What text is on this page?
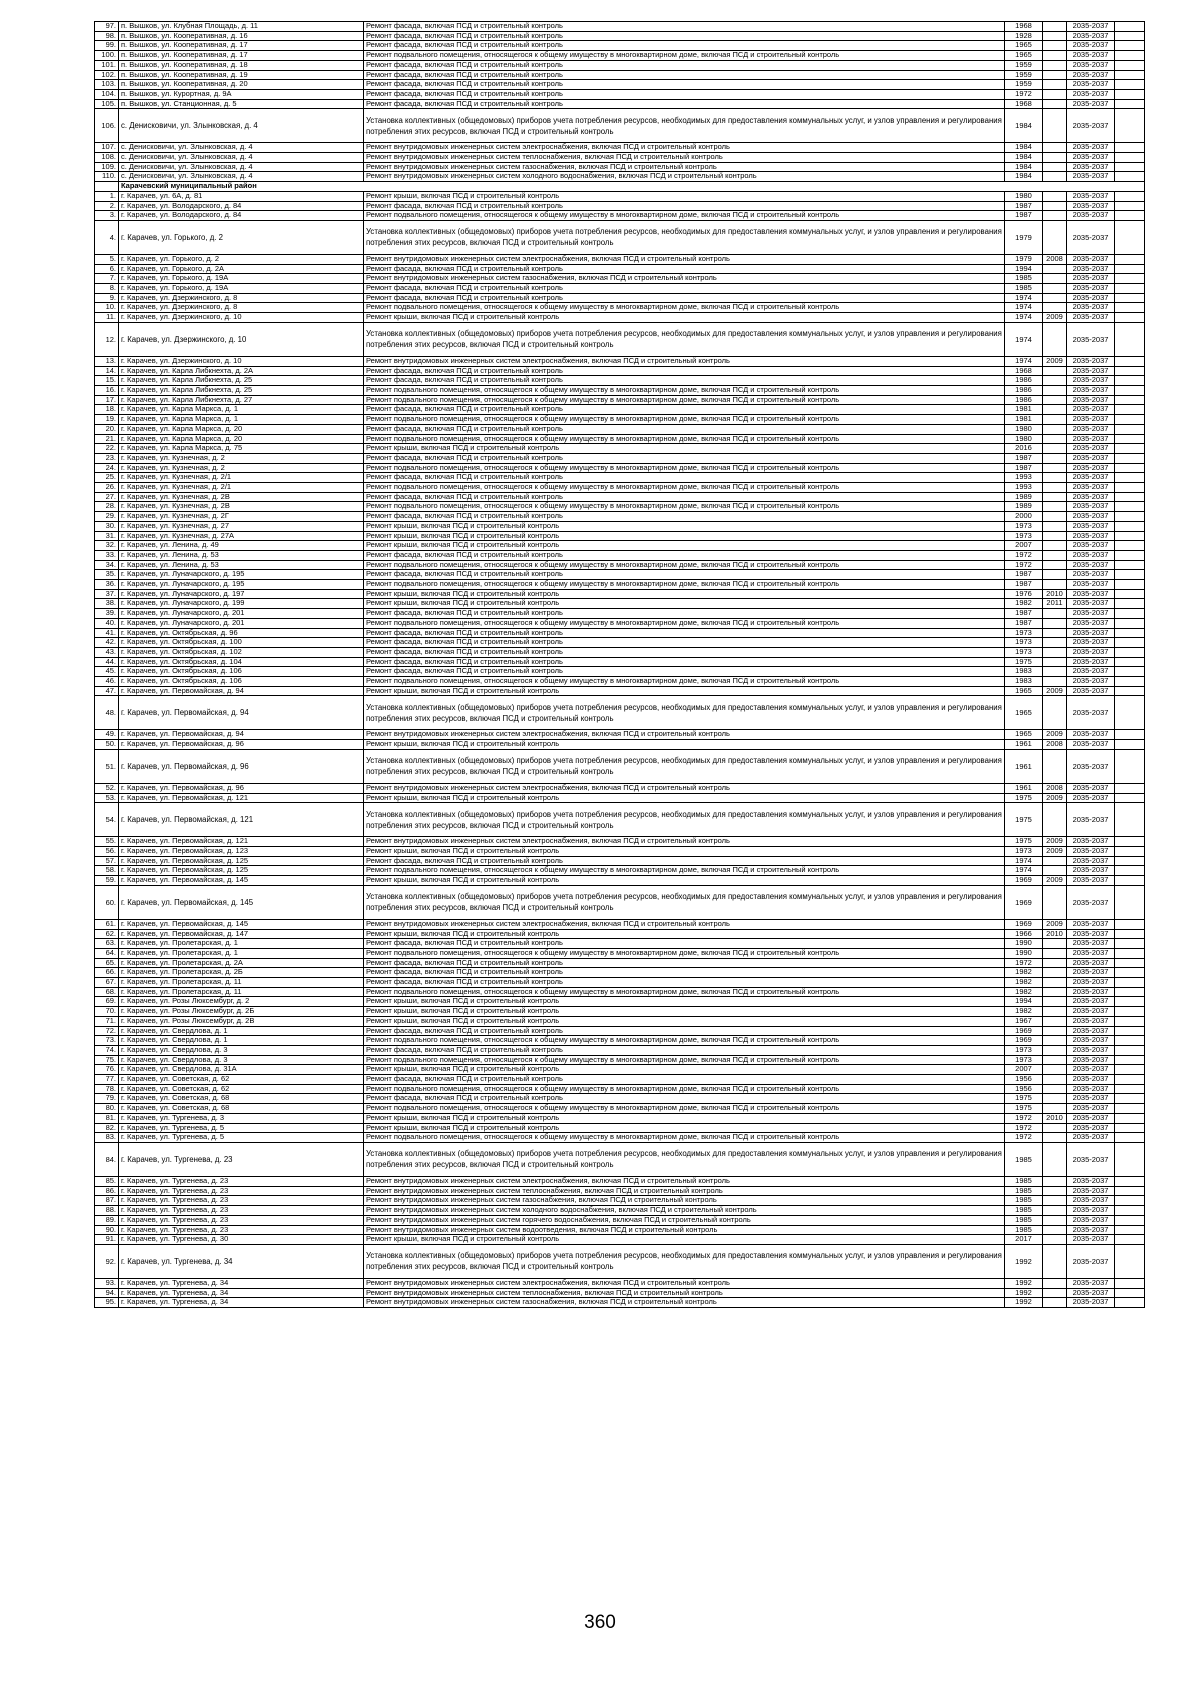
97.	п. Вышков, ул. Клубная Площадь, д. 11	Ремонт фасада, включая ПСД и строительный контроль	1968		2035-2037	
98.	п. Вышков, ул. Кооперативная, д. 16	Ремонт фасада, включая ПСД и строительный контроль	1928		2035-2037	
99.	п. Вышков, ул. Кооперативная, д. 17	Ремонт фасада, включая ПСД и строительный контроль	1965		2035-2037	
100.	п. Вышков, ул. Кооперативная, д. 17	Ремонт подвального помещения, относящегося к общему имуществу в многоквартирном доме, включая ПСД и строительный контроль	1965		2035-2037	
101.	п. Вышков, ул. Кооперативная, д. 18	Ремонт фасада, включая ПСД и строительный контроль	1959		2035-2037	
102.	п. Вышков, ул. Кооперативная, д. 19	Ремонт фасада, включая ПСД и строительный контроль	1959		2035-2037	
103.	п. Вышков, ул. Кооперативная, д. 20	Ремонт фасада, включая ПСД и строительный контроль	1959		2035-2037	
104.	п. Вышков, ул. Курортная, д. 9А	Ремонт фасада, включая ПСД и строительный контроль	1972		2035-2037	
105.	п. Вышков, ул. Станционная, д. 5	Ремонт фасада, включая ПСД и строительный контроль	1968		2035-2037	
106.	с. Денисковичи, ул. Злынковская, д. 4	Установка коллективных (общедомовых) приборов учета потребления ресурсов, необходимых для предоставления коммунальных услуг, и узлов управления и регулирования потребления этих ресурсов, включая ПСД и строительный контроль	1984		2035-2037	
107.	с. Денисковичи, ул. Злынковская, д. 4	Ремонт внутридомовых инженерных систем электроснабжения, включая ПСД и строительный контроль	1984		2035-2037	
108.	с. Денисковичи, ул. Злынковская, д. 4	Ремонт внутридомовых инженерных систем теплоснабжения, включая ПСД и строительный контроль	1984		2035-2037	
109.	с. Денисковичи, ул. Злынковская, д. 4	Ремонт внутридомовых инженерных систем газоснабжения, включая ПСД и строительный контроль	1984		2035-2037	
110.	с. Денисковичи, ул. Злынковская, д. 4	Ремонт внутридомовых инженерных систем холодного водоснабжения, включая ПСД и строительный контроль	1984		2035-2037	
	Карачевский муниципальный район					
1.	г. Карачев, ул. 6А, д. 81	Ремонт крыши, включая ПСД и строительный контроль	1980		2035-2037	
2.	г. Карачев, ул. Володарского, д. 84	Ремонт фасада, включая ПСД и строительный контроль	1987		2035-2037	
3.	г. Карачев, ул. Володарского, д. 84	Ремонт подвального помещения, относящегося к общему имуществу в многоквартирном доме, включая ПСД и строительный контроль	1987		2035-2037	
4.	г. Карачев, ул. Горького, д. 2	Установка коллективных (общедомовых) приборов учета потребления ресурсов, необходимых для предоставления коммунальных услуг, и узлов управления и регулирования потребления этих ресурсов, включая ПСД и строительный контроль	1979		2035-2037	
5.	г. Карачев, ул. Горького, д. 2	Ремонт внутридомовых инженерных систем электроснабжения, включая ПСД и строительный контроль	1979	2008	2035-2037	
6.	г. Карачев, ул. Горького, д. 2А	Ремонт фасада, включая ПСД и строительный контроль	1994		2035-2037	
7.	г. Карачев, ул. Горького, д. 19А	Ремонт внутридомовых инженерных систем газоснабжения, включая ПСД и строительный контроль	1985		2035-2037	
8.	г. Карачев, ул. Горького, д. 19А	Ремонт фасада, включая ПСД и строительный контроль	1985		2035-2037	
9.	г. Карачев, ул. Дзержинского, д. 8	Ремонт фасада, включая ПСД и строительный контроль	1974		2035-2037	
10.	г. Карачев, ул. Дзержинского, д. 8	Ремонт подвального помещения, относящегося к общему имуществу в многоквартирном доме, включая ПСД и строительный контроль	1974		2035-2037	
11.	г. Карачев, ул. Дзержинского, д. 10	Ремонт крыши, включая ПСД и строительный контроль	1974	2009	2035-2037	
12.	г. Карачев, ул. Дзержинского, д. 10	Установка коллективных (общедомовых) приборов учета потребления ресурсов, необходимых для предоставления коммунальных услуг, и узлов управления и регулирования потребления этих ресурсов, включая ПСД и строительный контроль	1974		2035-2037	
13.	г. Карачев, ул. Дзержинского, д. 10	Ремонт внутридомовых инженерных систем электроснабжения, включая ПСД и строительный контроль	1974	2009	2035-2037	
14.	г. Карачев, ул. Карла Либкнехта, д. 2А	Ремонт фасада, включая ПСД и строительный контроль	1968		2035-2037	
15.	г. Карачев, ул. Карла Либкнехта, д. 25	Ремонт фасада, включая ПСД и строительный контроль	1986		2035-2037	
16.	г. Карачев, ул. Карла Либкнехта, д. 25	Ремонт подвального помещения, относящегося к общему имуществу в многоквартирном доме, включая ПСД и строительный контроль	1986		2035-2037	
17.	г. Карачев, ул. Карла Либкнехта, д. 27	Ремонт подвального помещения, относящегося к общему имуществу в многоквартирном доме, включая ПСД и строительный контроль	1986		2035-2037	
18.	г. Карачев, ул. Карла Маркса, д. 1	Ремонт фасада, включая ПСД и строительный контроль	1981		2035-2037	
19.	г. Карачев, ул. Карла Маркса, д. 1	Ремонт подвального помещения, относящегося к общему имуществу в многоквартирном доме, включая ПСД и строительный контроль	1981		2035-2037	
20.	г. Карачев, ул. Карла Маркса, д. 20	Ремонт фасада, включая ПСД и строительный контроль	1980		2035-2037	
21.	г. Карачев, ул. Карла Маркса, д. 20	Ремонт подвального помещения, относящегося к общему имуществу в многоквартирном доме, включая ПСД и строительный контроль	1980		2035-2037	
22.	г. Карачев, ул. Карла Маркса, д. 75	Ремонт крыши, включая ПСД и строительный контроль	2016		2035-2037	
23.	г. Карачев, ул. Кузнечная, д. 2	Ремонт фасада, включая ПСД и строительный контроль	1987		2035-2037	
24.	г. Карачев, ул. Кузнечная, д. 2	Ремонт подвального помещения, относящегося к общему имуществу в многоквартирном доме, включая ПСД и строительный контроль	1987		2035-2037	
25.	г. Карачев, ул. Кузнечная, д. 2/1	Ремонт фасада, включая ПСД и строительный контроль	1993		2035-2037	
26.	г. Карачев, ул. Кузнечная, д. 2/1	Ремонт подвального помещения, относящегося к общему имуществу в многоквартирном доме, включая ПСД и строительный контроль	1993		2035-2037	
27.	г. Карачев, ул. Кузнечная, д. 2В	Ремонт фасада, включая ПСД и строительный контроль	1989		2035-2037	
28.	г. Карачев, ул. Кузнечная, д. 2В	Ремонт подвального помещения, относящегося к общему имуществу в многоквартирном доме, включая ПСД и строительный контроль	1989		2035-2037	
29.	г. Карачев, ул. Кузнечная, д. 2Г	Ремонт фасада, включая ПСД и строительный контроль	2000		2035-2037	
30.	г. Карачев, ул. Кузнечная, д. 27	Ремонт крыши, включая ПСД и строительный контроль	1973		2035-2037	
31.	г. Карачев, ул. Кузнечная, д. 27А	Ремонт крыши, включая ПСД и строительный контроль	1973		2035-2037	
32.	г. Карачев, ул. Ленина, д. 49	Ремонт крыши, включая ПСД и строительный контроль	2007		2035-2037	
33.	г. Карачев, ул. Ленина, д. 53	Ремонт фасада, включая ПСД и строительный контроль	1972		2035-2037	
34.	г. Карачев, ул. Ленина, д. 53	Ремонт подвального помещения, относящегося к общему имуществу в многоквартирном доме, включая ПСД и строительный контроль	1972		2035-2037	
35.	г. Карачев, ул. Луначарского, д. 195	Ремонт фасада, включая ПСД и строительный контроль	1987		2035-2037	
36.	г. Карачев, ул. Луначарского, д. 195	Ремонт подвального помещения, относящегося к общему имуществу в многоквартирном доме, включая ПСД и строительный контроль	1987		2035-2037	
37.	г. Карачев, ул. Луначарского, д. 197	Ремонт крыши, включая ПСД и строительный контроль	1976	2010	2035-2037	
38.	г. Карачев, ул. Луначарского, д. 199	Ремонт крыши, включая ПСД и строительный контроль	1982	2011	2035-2037	
39.	г. Карачев, ул. Луначарского, д. 201	Ремонт фасада, включая ПСД и строительный контроль	1987		2035-2037	
40.	г. Карачев, ул. Луначарского, д. 201	Ремонт подвального помещения, относящегося к общему имуществу в многоквартирном доме, включая ПСД и строительный контроль	1987		2035-2037	
41.	г. Карачев, ул. Октябрьская, д. 96	Ремонт фасада, включая ПСД и строительный контроль	1973		2035-2037	
42.	г. Карачев, ул. Октябрьская, д. 100	Ремонт фасада, включая ПСД и строительный контроль	1973		2035-2037	
43.	г. Карачев, ул. Октябрьская, д. 102	Ремонт фасада, включая ПСД и строительный контроль	1973		2035-2037	
44.	г. Карачев, ул. Октябрьская, д. 104	Ремонт фасада, включая ПСД и строительный контроль	1975		2035-2037	
45.	г. Карачев, ул. Октябрьская, д. 106	Ремонт фасада, включая ПСД и строительный контроль	1983		2035-2037	
46.	г. Карачев, ул. Октябрьская, д. 106	Ремонт подвального помещения, относящегося к общему имуществу в многоквартирном доме, включая ПСД и строительный контроль	1983		2035-2037	
47.	г. Карачев, ул. Первомайская, д. 94	Ремонт крыши, включая ПСД и строительный контроль	1965	2009	2035-2037	
48.	г. Карачев, ул. Первомайская, д. 94	Установка коллективных (общедомовых) приборов учета потребления ресурсов, необходимых для предоставления коммунальных услуг, и узлов управления и регулирования потребления этих ресурсов, включая ПСД и строительный контроль	1965		2035-2037	
49.	г. Карачев, ул. Первомайская, д. 94	Ремонт внутридомовых инженерных систем электроснабжения, включая ПСД и строительный контроль	1965	2009	2035-2037	
50.	г. Карачев, ул. Первомайская, д. 96	Ремонт крыши, включая ПСД и строительный контроль	1961	2008	2035-2037	
51.	г. Карачев, ул. Первомайская, д. 96	Установка коллективных (общедомовых) приборов учета потребления ресурсов, необходимых для предоставления коммунальных услуг, и узлов управления и регулирования потребления этих ресурсов, включая ПСД и строительный контроль	1961		2035-2037	
52.	г. Карачев, ул. Первомайская, д. 96	Ремонт внутридомовых инженерных систем электроснабжения, включая ПСД и строительный контроль	1961	2008	2035-2037	
53.	г. Карачев, ул. Первомайская, д. 121	Ремонт крыши, включая ПСД и строительный контроль	1975	2009	2035-2037	
54.	г. Карачев, ул. Первомайская, д. 121	Установка коллективных (общедомовых) приборов учета потребления ресурсов, необходимых для предоставления коммунальных услуг, и узлов управления и регулирования потребления этих ресурсов, включая ПСД и строительный контроль	1975		2035-2037	
55.	г. Карачев, ул. Первомайская, д. 121	Ремонт внутридомовых инженерных систем электроснабжения, включая ПСД и строительный контроль	1975	2009	2035-2037	
56.	г. Карачев, ул. Первомайская, д. 123	Ремонт крыши, включая ПСД и строительный контроль	1973	2009	2035-2037	
57.	г. Карачев, ул. Первомайская, д. 125	Ремонт фасада, включая ПСД и строительный контроль	1974		2035-2037	
58.	г. Карачев, ул. Первомайская, д. 125	Ремонт подвального помещения, относящегося к общему имуществу в многоквартирном доме, включая ПСД и строительный контроль	1974		2035-2037	
59.	г. Карачев, ул. Первомайская, д. 145	Ремонт крыши, включая ПСД и строительный контроль	1969	2009	2035-2037	
60.	г. Карачев, ул. Первомайская, д. 145	Установка коллективных (общедомовых) приборов учета потребления ресурсов, необходимых для предоставления коммунальных услуг, и узлов управления и регулирования потребления этих ресурсов, включая ПСД и строительный контроль	1969		2035-2037	
61.	г. Карачев, ул. Первомайская, д. 145	Ремонт внутридомовых инженерных систем электроснабжения, включая ПСД и строительный контроль	1969	2009	2035-2037	
62.	г. Карачев, ул. Первомайская, д. 147	Ремонт крыши, включая ПСД и строительный контроль	1966	2010	2035-2037	
63.	г. Карачев, ул. Пролетарская, д. 1	Ремонт фасада, включая ПСД и строительный контроль	1990		2035-2037	
64.	г. Карачев, ул. Пролетарская, д. 1	Ремонт подвального помещения, относящегося к общему имуществу в многоквартирном доме, включая ПСД и строительный контроль	1990		2035-2037	
65.	г. Карачев, ул. Пролетарская, д. 2А	Ремонт фасада, включая ПСД и строительный контроль	1972		2035-2037	
66.	г. Карачев, ул. Пролетарская, д. 2Б	Ремонт фасада, включая ПСД и строительный контроль	1982		2035-2037	
67.	г. Карачев, ул. Пролетарская, д. 11	Ремонт фасада, включая ПСД и строительный контроль	1982		2035-2037	
68.	г. Карачев, ул. Пролетарская, д. 11	Ремонт подвального помещения, относящегося к общему имуществу в многоквартирном доме, включая ПСД и строительный контроль	1982		2035-2037	
69.	г. Карачев, ул. Розы Люксембург, д. 2	Ремонт крыши, включая ПСД и строительный контроль	1994		2035-2037	
70.	г. Карачев, ул. Розы Люксембург, д. 2Б	Ремонт крыши, включая ПСД и строительный контроль	1982		2035-2037	
71.	г. Карачев, ул. Розы Люксембург, д. 2В	Ремонт крыши, включая ПСД и строительный контроль	1967		2035-2037	
72.	г. Карачев, ул. Свердлова, д. 1	Ремонт фасада, включая ПСД и строительный контроль	1969		2035-2037	
73.	г. Карачев, ул. Свердлова, д. 1	Ремонт подвального помещения, относящегося к общему имуществу в многоквартирном доме, включая ПСД и строительный контроль	1969		2035-2037	
74.	г. Карачев, ул. Свердлова, д. 3	Ремонт фасада, включая ПСД и строительный контроль	1973		2035-2037	
75.	г. Карачев, ул. Свердлова, д. 3	Ремонт подвального помещения, относящегося к общему имуществу в многоквартирном доме, включая ПСД и строительный контроль	1973		2035-2037	
76.	г. Карачев, ул. Свердлова, д. 31А	Ремонт крыши, включая ПСД и строительный контроль	2007		2035-2037	
77.	г. Карачев, ул. Советская, д. 62	Ремонт фасада, включая ПСД и строительный контроль	1956		2035-2037	
78.	г. Карачев, ул. Советская, д. 62	Ремонт подвального помещения, относящегося к общему имуществу в многоквартирном доме, включая ПСД и строительный контроль	1956		2035-2037	
79.	г. Карачев, ул. Советская, д. 68	Ремонт фасада, включая ПСД и строительный контроль	1975		2035-2037	
80.	г. Карачев, ул. Советская, д. 68	Ремонт подвального помещения, относящегося к общему имуществу в многоквартирном доме, включая ПСД и строительный контроль	1975		2035-2037	
81.	г. Карачев, ул. Тургенева, д. 3	Ремонт крыши, включая ПСД и строительный контроль	1972	2010	2035-2037	
82.	г. Карачев, ул. Тургенева, д. 5	Ремонт крыши, включая ПСД и строительный контроль	1972		2035-2037	
83.	г. Карачев, ул. Тургенева, д. 5	Ремонт подвального помещения, относящегося к общему имуществу в многоквартирном доме, включая ПСД и строительный контроль	1972		2035-2037	
84.	г. Карачев, ул. Тургенева, д. 23	Установка коллективных (общедомовых) приборов учета потребления ресурсов, необходимых для предоставления коммунальных услуг, и узлов управления и регулирования потребления этих ресурсов, включая ПСД и строительный контроль	1985		2035-2037	
85.	г. Карачев, ул. Тургенева, д. 23	Ремонт внутридомовых инженерных систем электроснабжения, включая ПСД и строительный контроль	1985		2035-2037	
86.	г. Карачев, ул. Тургенева, д. 23	Ремонт внутридомовых инженерных систем теплоснабжения, включая ПСД и строительный контроль	1985		2035-2037	
87.	г. Карачев, ул. Тургенева, д. 23	Ремонт внутридомовых инженерных систем газоснабжения, включая ПСД и строительный контроль	1985		2035-2037	
88.	г. Карачев, ул. Тургенева, д. 23	Ремонт внутридомовых инженерных систем холодного водоснабжения, включая ПСД и строительный контроль	1985		2035-2037	
89.	г. Карачев, ул. Тургенева, д. 23	Ремонт внутридомовых инженерных систем горячего водоснабжения, включая ПСД и строительный контроль	1985		2035-2037	
90.	г. Карачев, ул. Тургенева, д. 23	Ремонт внутридомовых инженерных систем водоотведения, включая ПСД и строительный контроль	1985		2035-2037	
91.	г. Карачев, ул. Тургенева, д. 30	Ремонт крыши, включая ПСД и строительный контроль	2017		2035-2037	
92.	г. Карачев, ул. Тургенева, д. 34	Установка коллективных (общедомовых) приборов учета потребления ресурсов, необходимых для предоставления коммунальных услуг, и узлов управления и регулирования потребления этих ресурсов, включая ПСД и строительный контроль	1992		2035-2037	
93.	г. Карачев, ул. Тургенева, д. 34	Ремонт внутридомовых инженерных систем электроснабжения, включая ПСД и строительный контроль	1992		2035-2037	
94.	г. Карачев, ул. Тургенева, д. 34	Ремонт внутридомовых инженерных систем теплоснабжения, включая ПСД и строительный контроль	1992		2035-2037	
95.	г. Карачев, ул. Тургенева, д. 34	Ремонт внутридомовых инженерных систем газоснабжения, включая ПСД и строительный контроль	1992		2035-2037	
360
